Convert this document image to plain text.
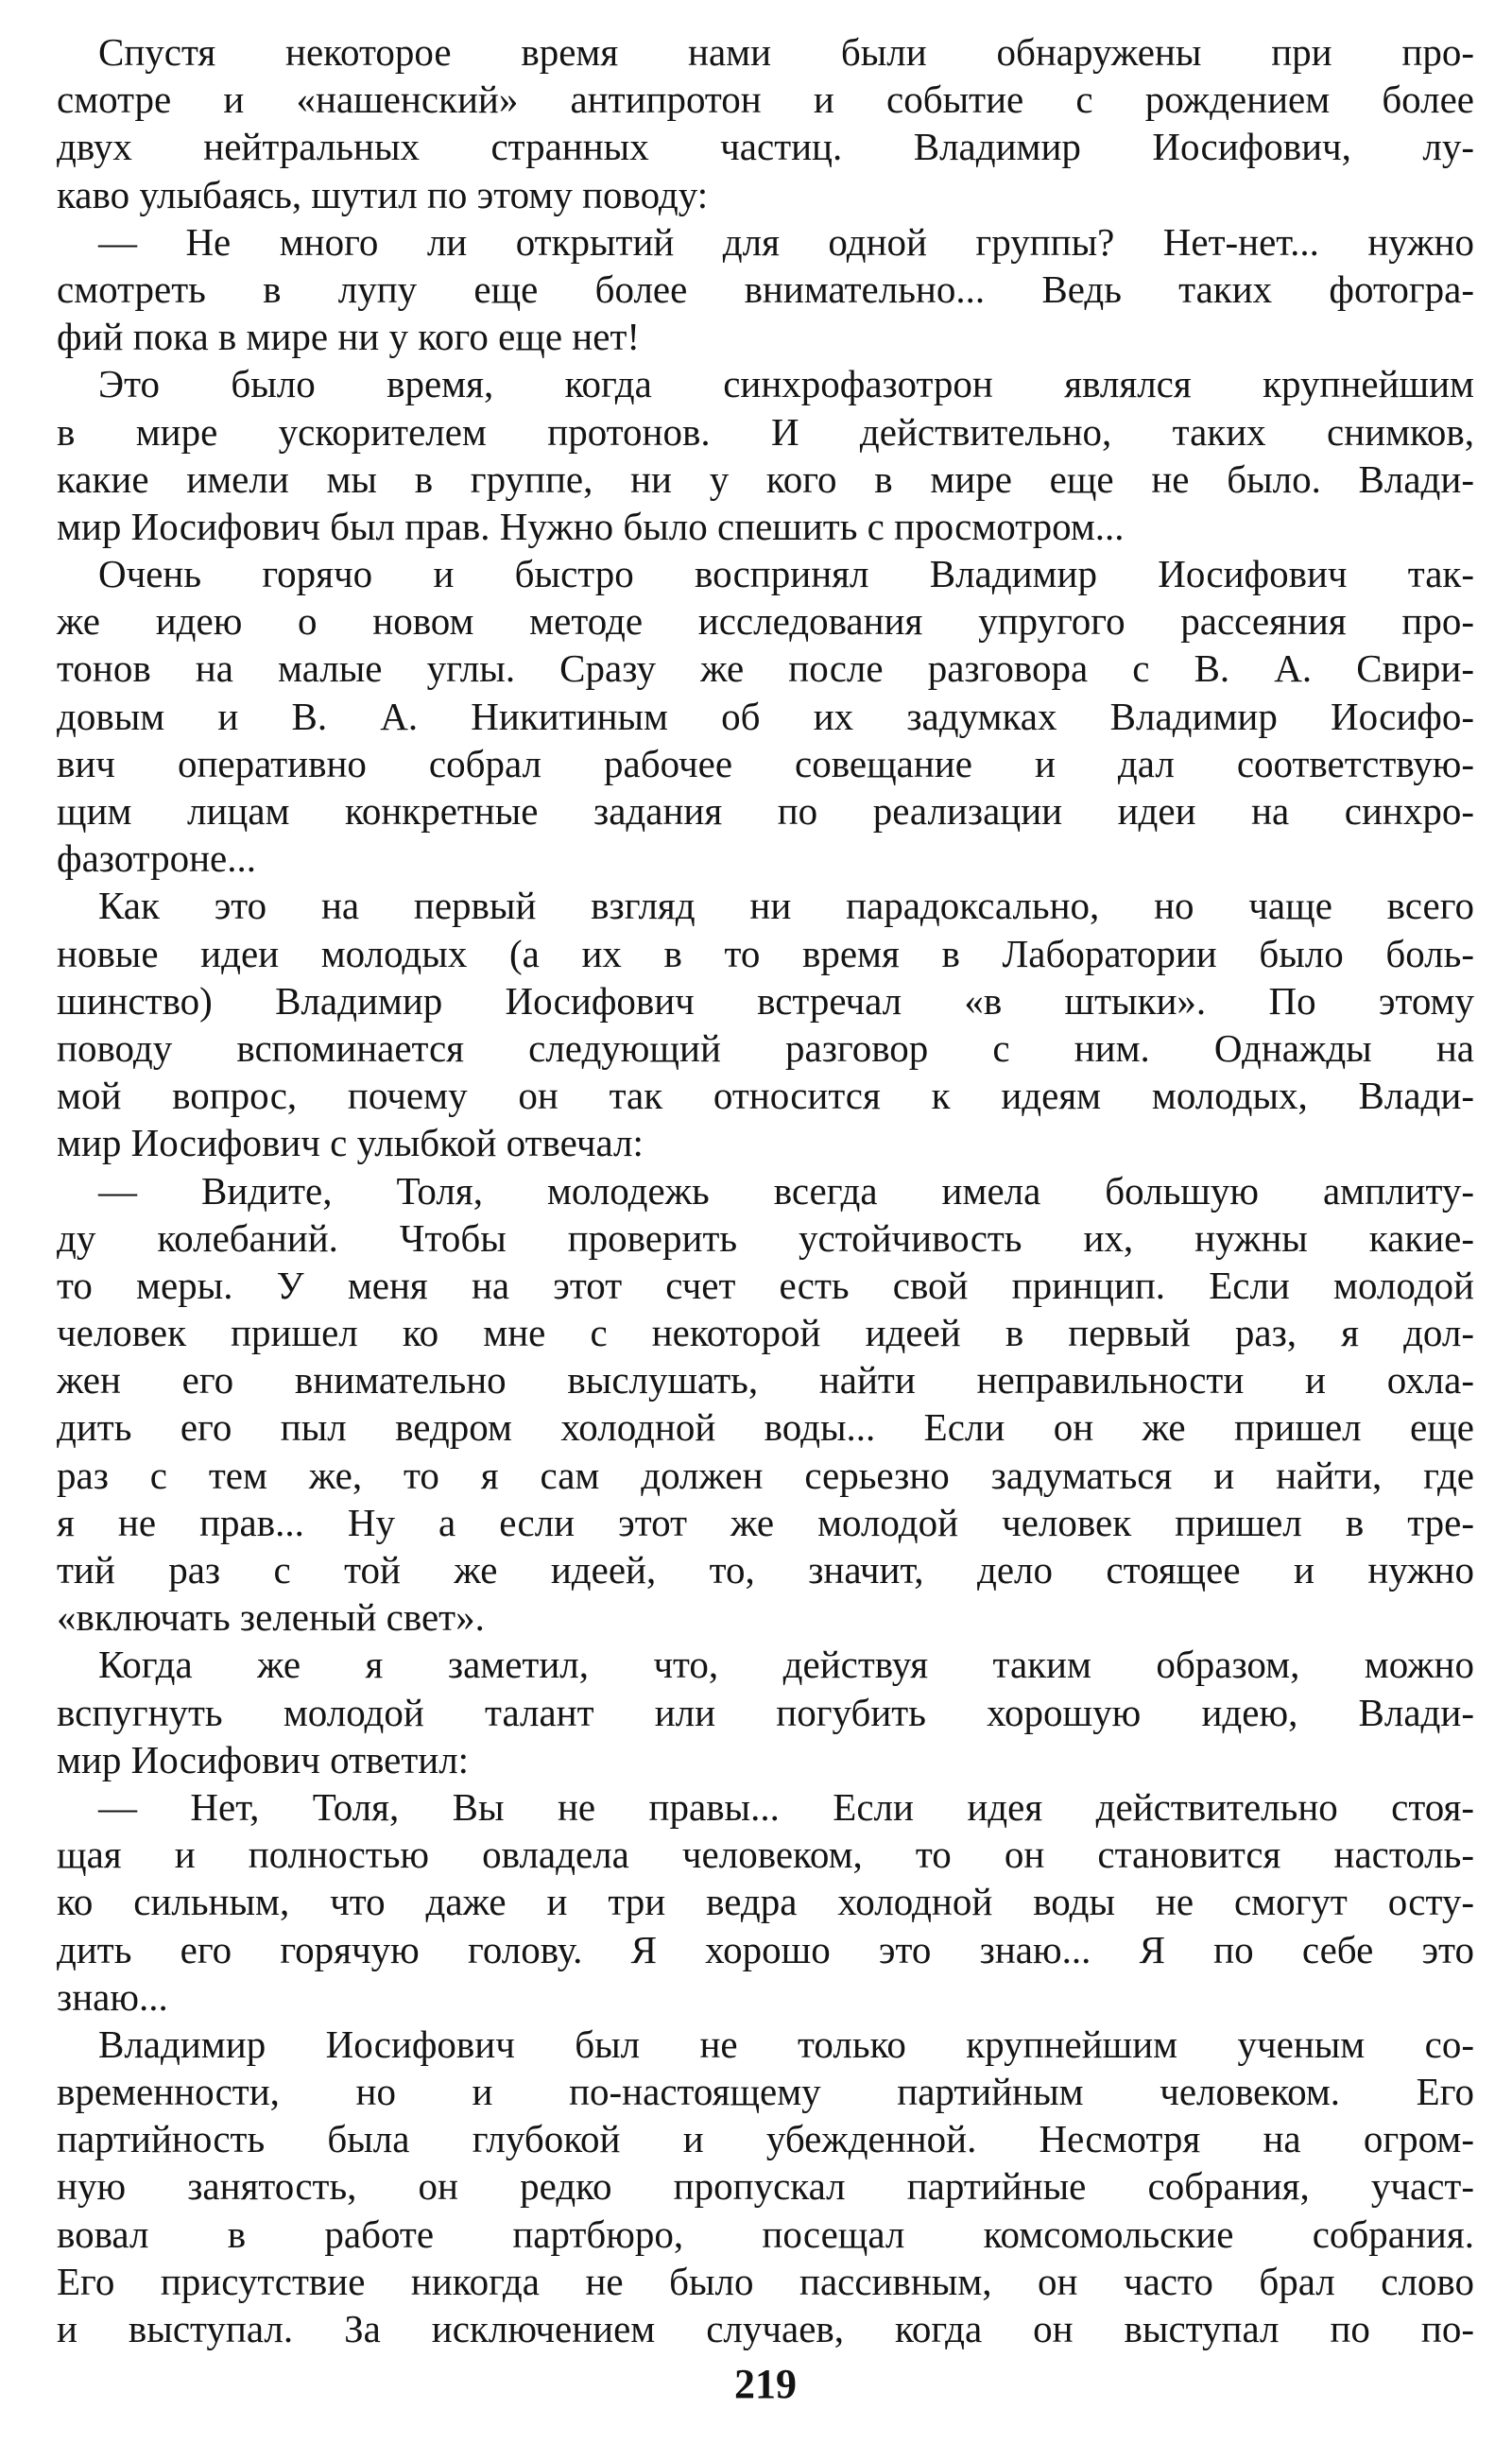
Спустя некоторое время нами были обнаружены при про-
смотре и «нашенский» антипротон и событие с рождением более
двух нейтральных странных частиц. Владимир Иосифович, лу-
каво улыбаясь, шутил по этому поводу:
— Не много ли открытий для одной группы? Нет-нет... нужно
смотреть в лупу еще более внимательно... Ведь таких фотогра-
фий пока в мире ни у кого еще нет!
Это было время, когда синхрофазотрон являлся крупнейшим
в мире ускорителем протонов. И действительно, таких снимков,
какие имели мы в группе, ни у кого в мире еще не было. Влади-
мир Иосифович был прав. Нужно было спешить с просмотром...
Очень горячо и быстро воспринял Владимир Иосифович так-
же идею о новом методе исследования упругого рассеяния про-
тонов на малые углы. Сразу же после разговора с В. А. Свири-
довым и В. А. Никитиным об их задумках Владимир Иосифо-
вич оперативно собрал рабочее совещание и дал соответствую-
щим лицам конкретные задания по реализации идеи на синхро-
фазотроне...
Как это на первый взгляд ни парадоксально, но чаще всего
новые идеи молодых (а их в то время в Лаборатории было боль-
шинство) Владимир Иосифович встречал «в штыки». По этому
поводу вспоминается следующий разговор с ним. Однажды на
мой вопрос, почему он так относится к идеям молодых, Влади-
мир Иосифович с улыбкой отвечал:
— Видите, Толя, молодежь всегда имела большую амплиту-
ду колебаний. Чтобы проверить устойчивость их, нужны какие-
то меры. У меня на этот счет есть свой принцип. Если молодой
человек пришел ко мне с некоторой идеей в первый раз, я дол-
жен его внимательно выслушать, найти неправильности и охла-
дить его пыл ведром холодной воды... Если он же пришел еще
раз с тем же, то я сам должен серьезно задуматься и найти, где
я не прав... Ну а если этот же молодой человек пришел в тре-
тий раз с той же идеей, то, значит, дело стоящее и нужно
«включать зеленый свет».
Когда же я заметил, что, действуя таким образом, можно
вспугнуть молодой талант или погубить хорошую идею, Влади-
мир Иосифович ответил:
— Нет, Толя, Вы не правы... Если идея действительно стоя-
щая и полностью овладела человеком, то он становится настоль-
ко сильным, что даже и три ведра холодной воды не смогут осту-
дить его горячую голову. Я хорошо это знаю... Я по себе это
знаю...
Владимир Иосифович был не только крупнейшим ученым со-
временности, но и по-настоящему партийным человеком. Его
партийность была глубокой и убежденной. Несмотря на огром-
ную занятость, он редко пропускал партийные собрания, участ-
вовал в работе партбюро, посещал комсомольские собрания.
Его присутствие никогда не было пассивным, он часто брал слово
и выступал. За исключением случаев, когда он выступал по по-
219
